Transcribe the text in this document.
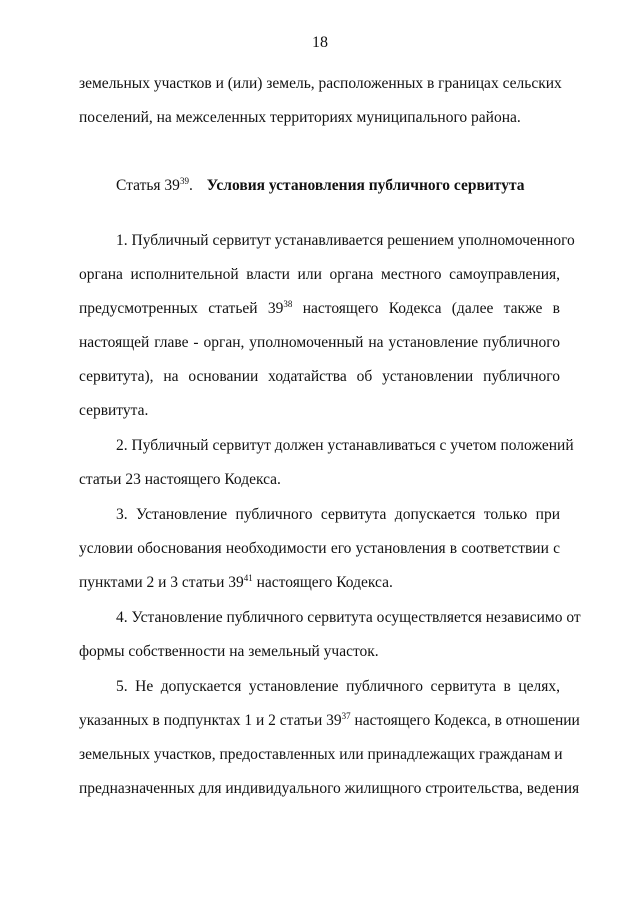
18
земельных участков и (или) земель, расположенных в границах сельских
поселений, на межселенных территориях муниципального района.
Статья $39^{39}$. Условия установления публичного сервитута
1. Публичный сервитут устанавливается решением уполномоченного
органа исполнительной власти или органа местного самоуправления,
предусмотренных статьей $39^{38}$ настоящего Кодекса (далее также в
настоящей главе - орган, уполномоченный на установление публичного
сервитута), на основании ходатайства об установлении публичного
сервитута.
2. Публичный сервитут должен устанавливаться с учетом положений
статьи 23 настоящего Кодекса.
3. Установление публичного сервитута допускается только при
условии обоснования необходимости его установления в соответствии с
пунктами 2 и 3 статьи $39^{41}$ настоящего Кодекса.
4. Установление публичного сервитута осуществляется независимо от
формы собственности на земельный участок.
5. Не допускается установление публичного сервитута в целях,
указанных в подпунктах 1 и 2 статьи $39^{37}$ настоящего Кодекса, в отношении
земельных участков, предоставленных или принадлежащих гражданам и
предназначенных для индивидуального жилищного строительства, ведения
